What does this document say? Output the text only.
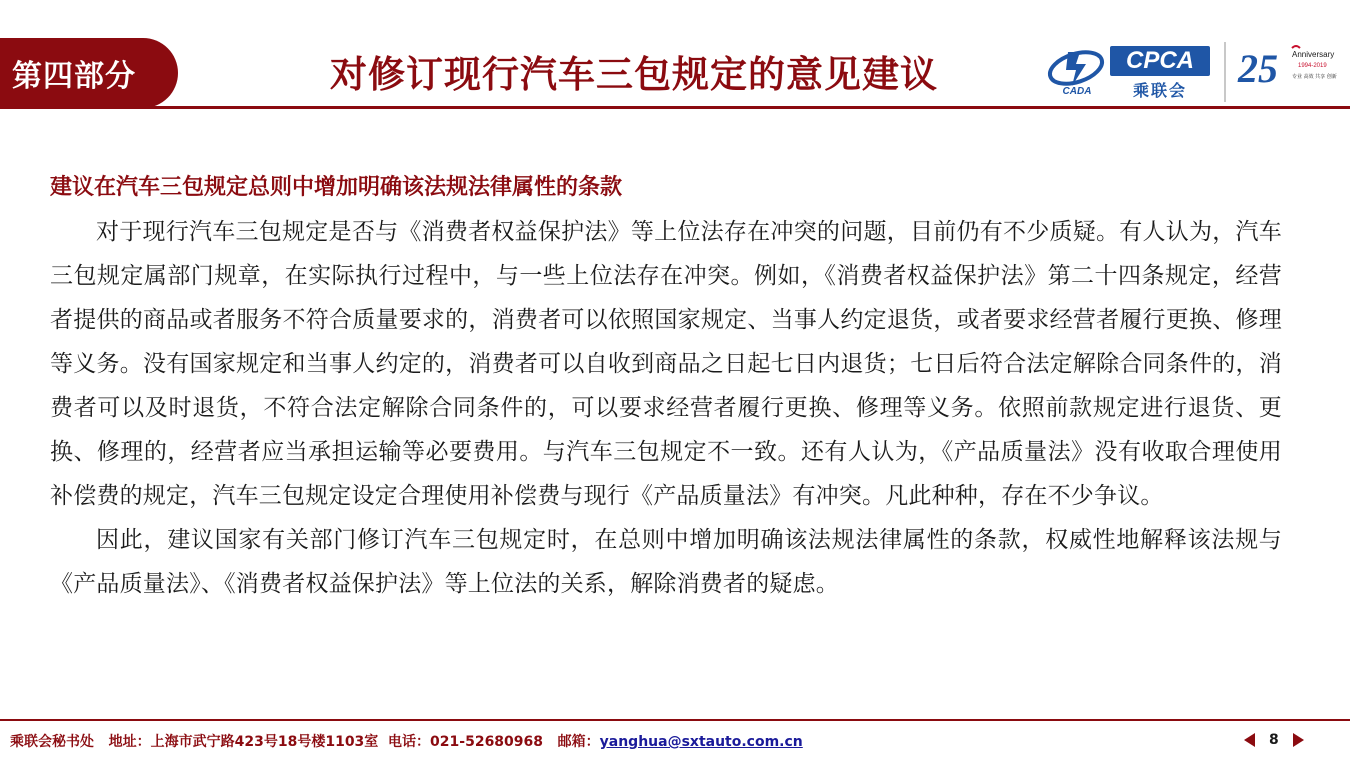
第四部分	对修订现行汽车三包规定的意见建议	CADA
CPCA
乘联会	25 Anniversary
1994-2019
专业 高效 共享 创新
建议在汽车三包规定总则中增加明确该法规法律属性的条款

对于现行汽车三包规定是否与《消费者权益保护法》等上位法存在冲突的问题，目前仍有不少质疑。有人认为，汽车三包规定属部门规章，在实际执行过程中，与一些上位法存在冲突。例如，《消费者权益保护法》第二十四条规定，经营者提供的商品或者服务不符合质量要求的，消费者可以依照国家规定、当事人约定退货，或者要求经营者履行更换、修理等义务。没有国家规定和当事人约定的，消费者可以自收到商品之日起七日内退货；七日后符合法定解除合同条件的，消费者可以及时退货，不符合法定解除合同条件的，可以要求经营者履行更换、修理等义务。依照前款规定进行退货、更换、修理的，经营者应当承担运输等必要费用。与汽车三包规定不一致。还有人认为，《产品质量法》没有收取合理使用补偿费的规定，汽车三包规定设定合理使用补偿费与现行《产品质量法》有冲突。凡此种种，存在不少争议。

因此，建议国家有关部门修订汽车三包规定时，在总则中增加明确该法规法律属性的条款，权威性地解释该法规与《产品质量法》、《消费者权益保护法》等上位法的关系，解除消费者的疑虑。

乘联会秘书处 地址：上海市武宁路423号18号楼1103室 电话：021-52680968 邮箱：yanghua@sxtauto.com.cn	8
